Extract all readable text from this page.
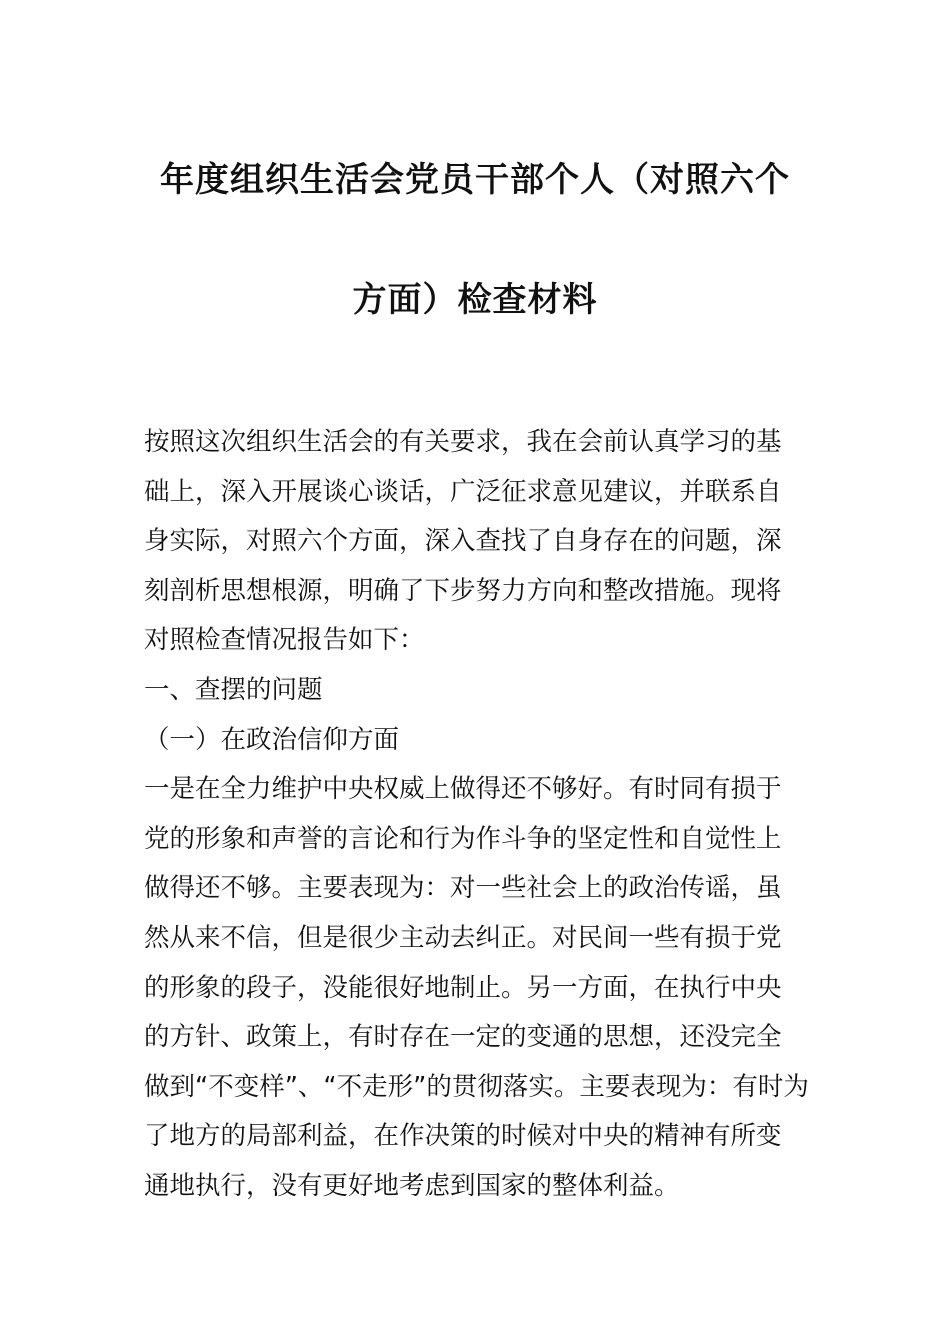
年度组织生活会党员干部个人（对照六个
方面）检查材料
按照这次组织生活会的有关要求，我在会前认真学习的基
础上，深入开展谈心谈话，广泛征求意见建议，并联系自
身实际，对照六个方面，深入查找了自身存在的问题，深
刻剖析思想根源，明确了下步努力方向和整改措施。现将
对照检查情况报告如下：
一、查摆的问题
（一）在政治信仰方面
一是在全力维护中央权威上做得还不够好。有时同有损于
党的形象和声誉的言论和行为作斗争的坚定性和自觉性上
做得还不够。主要表现为：对一些社会上的政治传谣，虽
然从来不信，但是很少主动去纠正。对民间一些有损于党
的形象的段子，没能很好地制止。另一方面，在执行中央
的方针、政策上，有时存在一定的变通的思想，还没完全
做到“不变样”、“不走形”的贯彻落实。主要表现为：有时为
了地方的局部利益，在作决策的时候对中央的精神有所变
通地执行，没有更好地考虑到国家的整体利益。
